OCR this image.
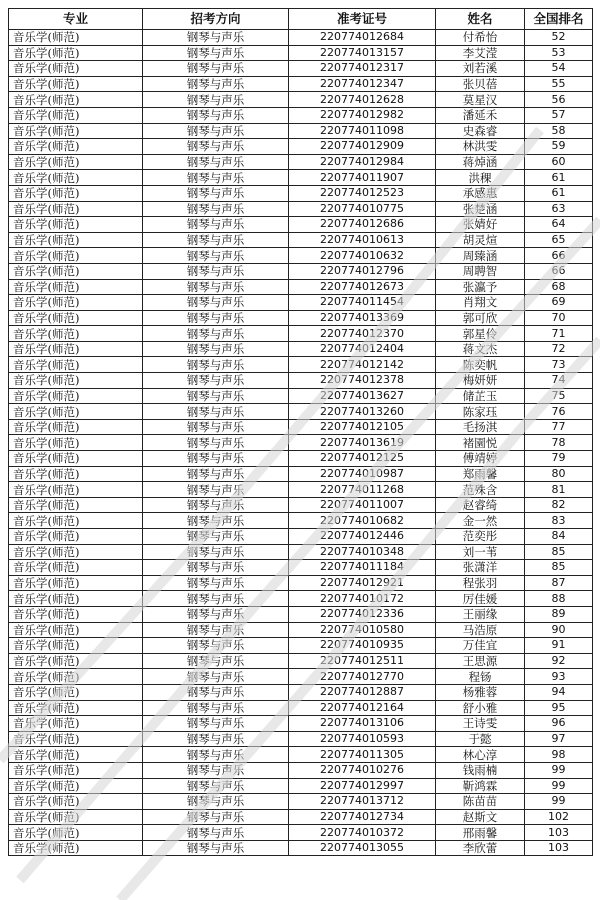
专业	招考方向	准考证号	姓名	全国排名
音乐学(师范)	钢琴与声乐	220774012684	付希怡	52
音乐学(师范)	钢琴与声乐	220774013157	李艾滢	53
音乐学(师范)	钢琴与声乐	220774012317	刘若溪	54
音乐学(师范)	钢琴与声乐	220774012347	张贝蓓	55
音乐学(师范)	钢琴与声乐	220774012628	莫星汉	56
音乐学(师范)	钢琴与声乐	220774012982	潘延禾	57
音乐学(师范)	钢琴与声乐	220774011098	史森睿	58
音乐学(师范)	钢琴与声乐	220774012909	林洪雯	59
音乐学(师范)	钢琴与声乐	220774012984	蒋焯涵	60
音乐学(师范)	钢琴与声乐	220774011907	洪稞	61
音乐学(师范)	钢琴与声乐	220774012523	承感惠	61
音乐学(师范)	钢琴与声乐	220774010775	张楚涵	63
音乐学(师范)	钢琴与声乐	220774012686	张婧好	64
音乐学(师范)	钢琴与声乐	220774010613	胡灵煊	65
音乐学(师范)	钢琴与声乐	220774010632	周臻涵	66
音乐学(师范)	钢琴与声乐	220774012796	周聘智	66
音乐学(师范)	钢琴与声乐	220774012673	张瀛予	68
音乐学(师范)	钢琴与声乐	220774011454	肖翔文	69
音乐学(师范)	钢琴与声乐	220774013369	郭可欣	70
音乐学(师范)	钢琴与声乐	220774012370	郭星伶	71
音乐学(师范)	钢琴与声乐	220774012404	蒋文杰	72
音乐学(师范)	钢琴与声乐	220774012142	陈奕帆	73
音乐学(师范)	钢琴与声乐	220774012378	梅妍妍	74
音乐学(师范)	钢琴与声乐	220774013627	储芷玉	75
音乐学(师范)	钢琴与声乐	220774013260	陈家珏	76
音乐学(师范)	钢琴与声乐	220774012105	毛扬淇	77
音乐学(师范)	钢琴与声乐	220774013619	褚園悦	78
音乐学(师范)	钢琴与声乐	220774012125	傅靖婷	79
音乐学(师范)	钢琴与声乐	220774010987	郑雨馨	80
音乐学(师范)	钢琴与声乐	220774011268	范殊含	81
音乐学(师范)	钢琴与声乐	220774011007	赵睿绮	82
音乐学(师范)	钢琴与声乐	220774010682	金一然	83
音乐学(师范)	钢琴与声乐	220774012446	范奕彤	84
音乐学(师范)	钢琴与声乐	220774010348	刘一苇	85
音乐学(师范)	钢琴与声乐	220774011184	张潇洋	85
音乐学(师范)	钢琴与声乐	220774012921	程张羽	87
音乐学(师范)	钢琴与声乐	220774010172	厉佳媛	88
音乐学(师范)	钢琴与声乐	220774012336	王丽缘	89
音乐学(师范)	钢琴与声乐	220774010580	马浩原	90
音乐学(师范)	钢琴与声乐	220774010935	万佳宜	91
音乐学(师范)	钢琴与声乐	220774012511	王思源	92
音乐学(师范)	钢琴与声乐	220774012770	程钖	93
音乐学(师范)	钢琴与声乐	220774012887	杨雅蓉	94
音乐学(师范)	钢琴与声乐	220774012164	舒小雅	95
音乐学(师范)	钢琴与声乐	220774013106	王诗雯	96
音乐学(师范)	钢琴与声乐	220774010593	于懿	97
音乐学(师范)	钢琴与声乐	220774011305	林心淳	98
音乐学(师范)	钢琴与声乐	220774010276	钱雨楠	99
音乐学(师范)	钢琴与声乐	220774012997	靳鸿霖	99
音乐学(师范)	钢琴与声乐	220774013712	陈苗苗	99
音乐学(师范)	钢琴与声乐	220774012734	赵斯文	102
音乐学(师范)	钢琴与声乐	220774010372	邢雨馨	103
音乐学(师范)	钢琴与声乐	220774013055	李欣蕾	103
